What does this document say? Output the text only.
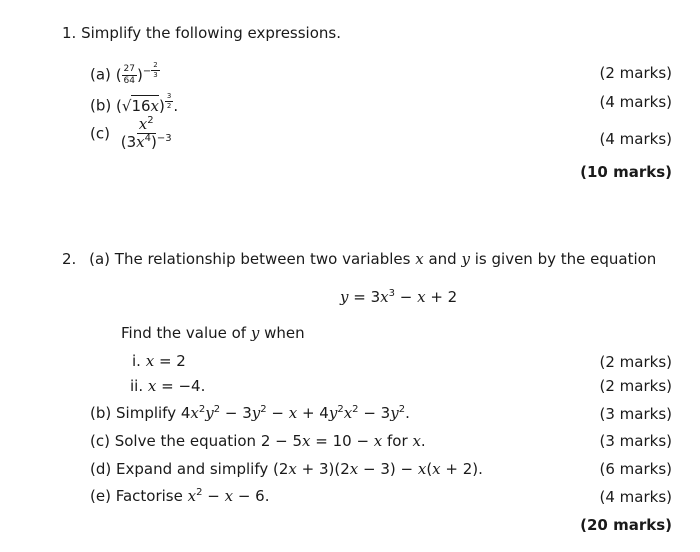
1. Simplify the following expressions.
(a) ( $\frac{27}{64} )^{- \frac{2}{3}}$	(2 marks)
(b) (√16x) $^{\frac{3}{2}}$ .	(4 marks)
$(c) \frac{x^2}{(3x^4)^{-3}}$	(4 marks)
(10 marks)
2. (a) The relationship between two variables x and y is given by the equation
$y = 3x^3 - x + 2$
Find the value of y when
i. x = 2	(2 marks)
ii. x = −4.	(2 marks)
(b) Simplify $4x^2y^2 - 3y^2 - x + 4y^2x^2 - 3y^2$.	(3 marks)
(c) Solve the equation 2 − 5x = 10 − x for x.	(3 marks)
(d) Expand and simplify (2x + 3)(2x − 3) − x(x + 2).	(6 marks)
(e) Factorise $x^2 - x - 6$.	(4 marks)
(20 marks)
